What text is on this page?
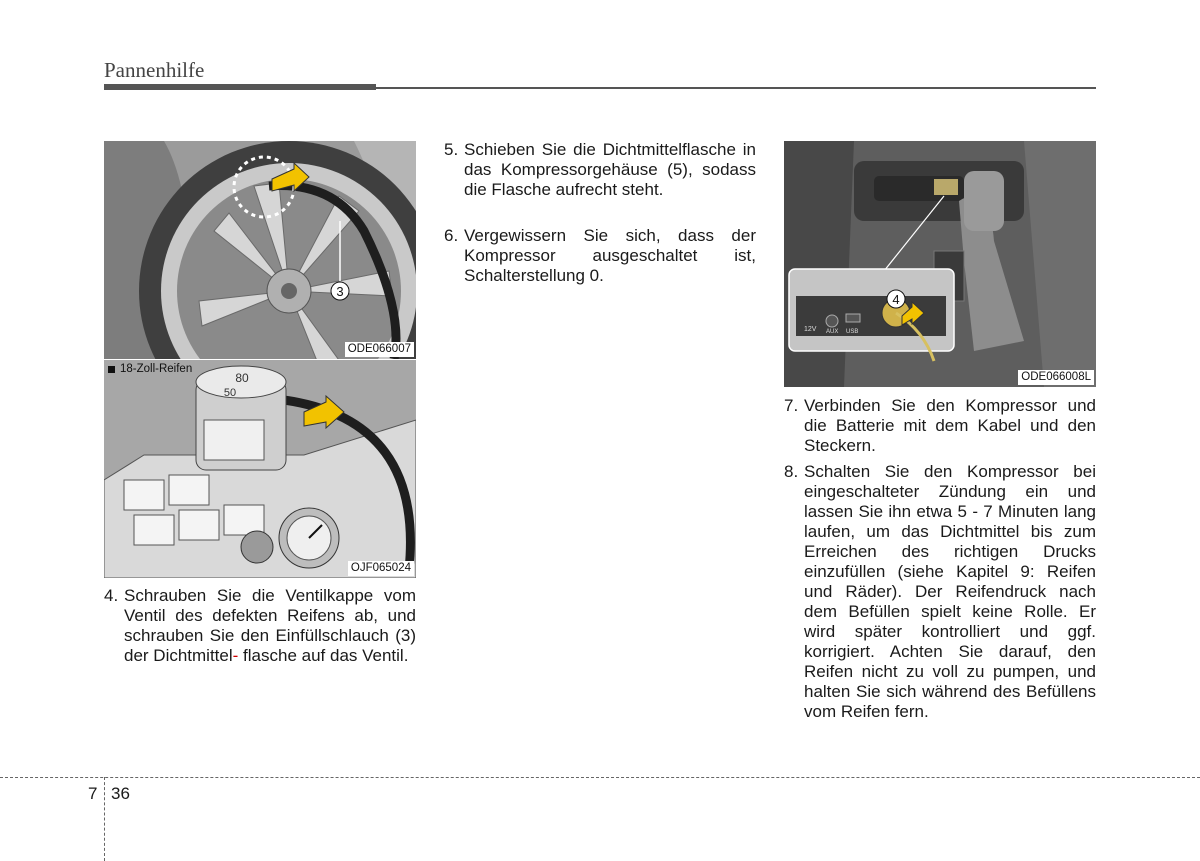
Pannenhilfe
3
ODE066007
80
50
18-Zoll-Reifen
OJF065024
4. Schrauben Sie die Ventilkappe vom Ventil des defekten Reifens ab, und schrauben Sie den Einfüllschlauch (3) der Dichtmittel- flasche auf das Ventil.
5. Schieben Sie die Dichtmittelflasche in das Kompressorgehäuse (5), sodass die Flasche aufrecht steht.
6. Vergewissern Sie sich, dass der Kompressor ausgeschaltet ist, Schalterstellung 0.
12V AUX USB
4
ODE066008L
7. Verbinden Sie den Kompressor und die Batterie mit dem Kabel und den Steckern.
8. Schalten Sie den Kompressor bei eingeschalteter Zündung ein und lassen Sie ihn etwa 5 - 7 Minuten lang laufen, um das Dichtmittel bis zum Erreichen des richtigen Drucks einzufüllen (siehe Kapitel 9: Reifen und Räder). Der Reifendruck nach dem Befüllen spielt keine Rolle. Er wird später kontrolliert und ggf. korrigiert. Achten Sie darauf, den Reifen nicht zu voll zu pumpen, und halten Sie sich während des Befüllens vom Reifen fern.
7 36
